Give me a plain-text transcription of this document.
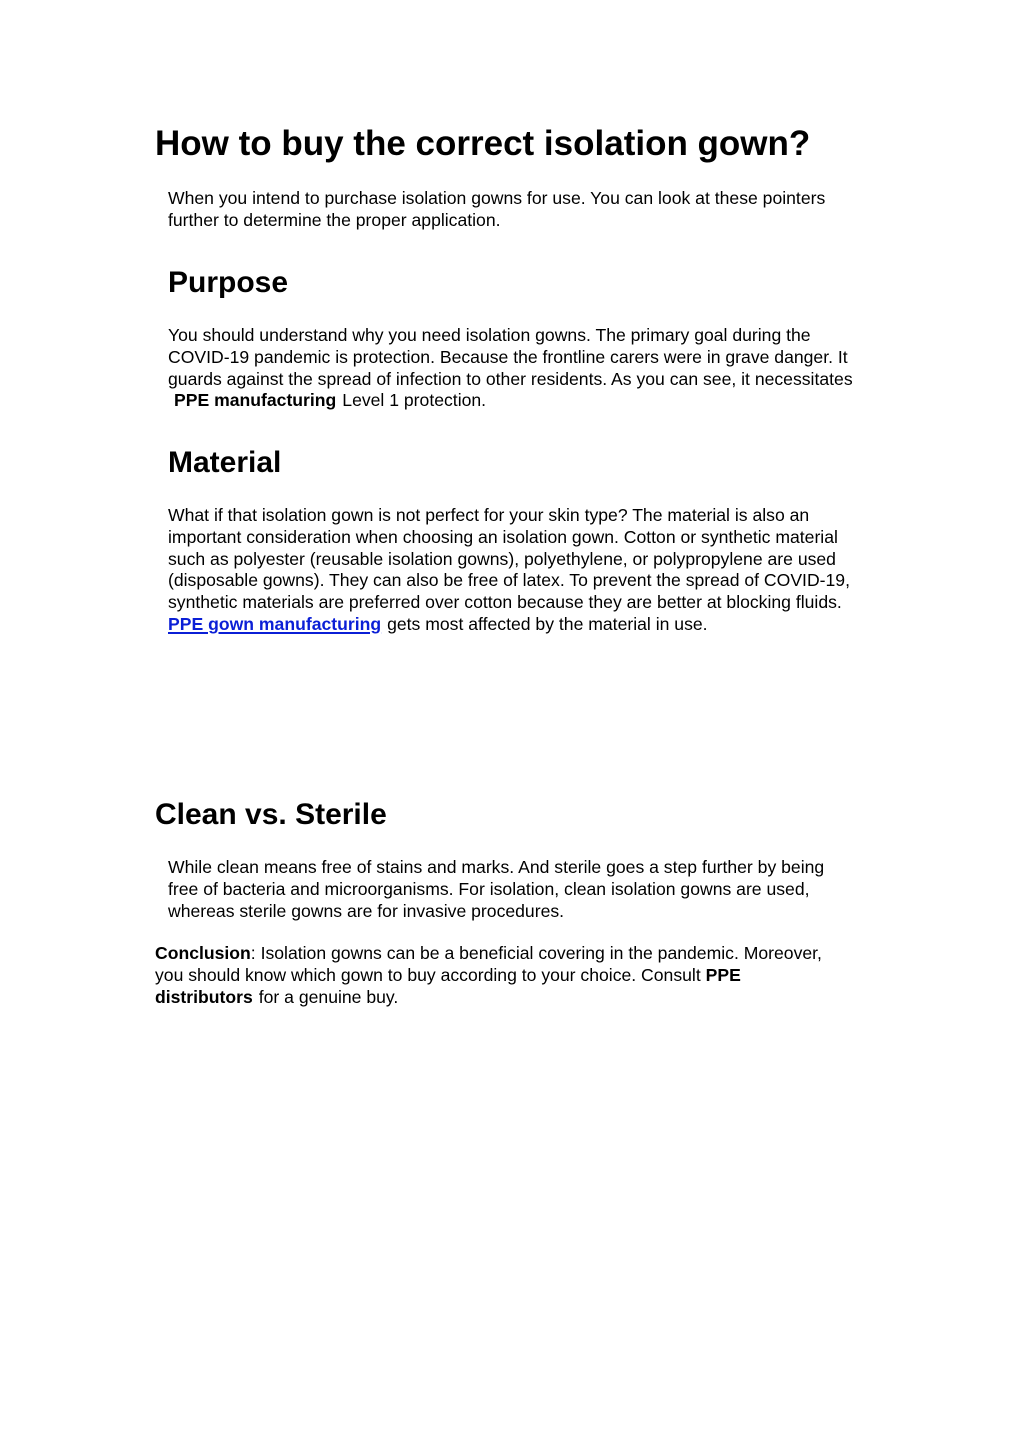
How to buy the correct isolation gown?

When you intend to purchase isolation gowns for use. You can look at these pointers further to determine the proper application.

Purpose

You should understand why you need isolation gowns. The primary goal during the COVID-19 pandemic is protection. Because the frontline carers were in grave danger. It guards against the spread of infection to other residents. As you can see, it necessitates PPE manufacturing Level 1 protection.

Material

What if that isolation gown is not perfect for your skin type? The material is also an important consideration when choosing an isolation gown. Cotton or synthetic material such as polyester (reusable isolation gowns), polyethylene, or polypropylene are used (disposable gowns). They can also be free of latex. To prevent the spread of COVID-19, synthetic materials are preferred over cotton because they are better at blocking fluids. PPE gown manufacturing gets most affected by the material in use.

Clean vs. Sterile

While clean means free of stains and marks. And sterile goes a step further by being free of bacteria and microorganisms. For isolation, clean isolation gowns are used, whereas sterile gowns are for invasive procedures.

Conclusion: Isolation gowns can be a beneficial covering in the pandemic. Moreover, you should know which gown to buy according to your choice. Consult PPE distributors for a genuine buy.
